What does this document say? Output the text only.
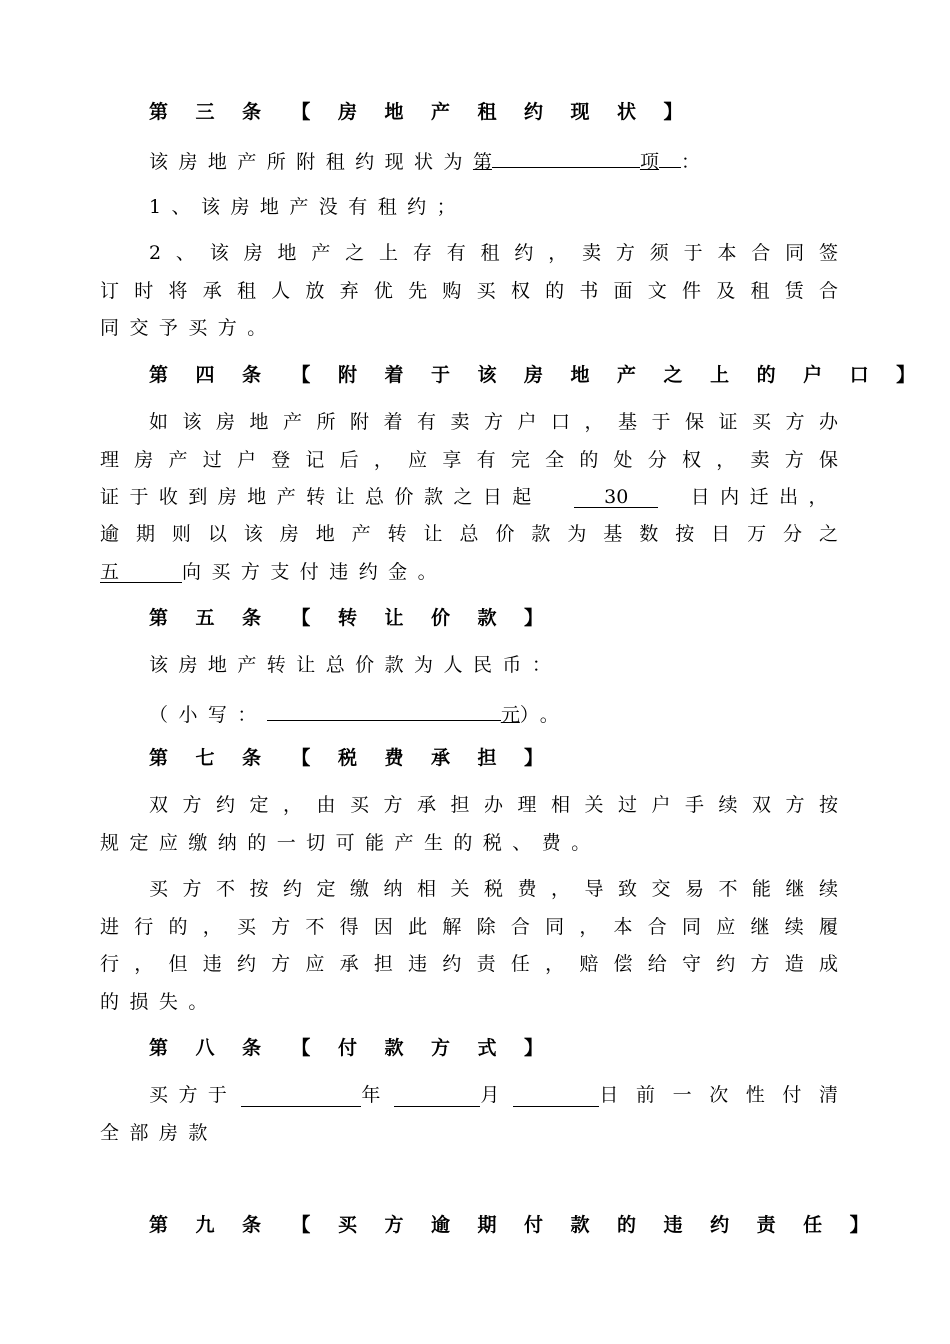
第 三 条　【 房 地 产 租 约 现 状 】
该房地产所附租约现状为第	项 ：
1、该房地产没有租约；
2、该房地产之上存有租约，卖方须于本合同签
订时将承租人放弃优先购买权的书面文件及租赁合
同交予买方。
第 四 条　【 附 着 于 该 房 地 产 之 上 的 户 口 】
如该房地产所附着有卖方户口，基于保证买方办
理房产过户登记后，应享有完全的处分权，卖方保
证于收到房地产转让总价款之日起	30	日内迁出，
逾期则以该房地产转让总价款为基数按日万分之
五	向买方支付违约金。
第 五 条　【 转 让 价 款 】
该房地产转让总价款为人民币：
（小写：	元）。
第 七 条　【 税 费 承 担 】
双方约定，由买方承担办理相关过户手续双方按
规定应缴纳的一切可能产生的税、费。
买方不按约定缴纳相关税费，导致交易不能继续
进行的，买方不得因此解除合同，本合同应继续履
行，但违约方应承担违约责任，赔偿给守约方造成
的损失。
第 八 条　【 付 款 方 式 】
买方于	年	月	日前一次性付清
全部房款
第 九 条　【 买 方 逾 期 付 款 的 违 约 责 任 】
